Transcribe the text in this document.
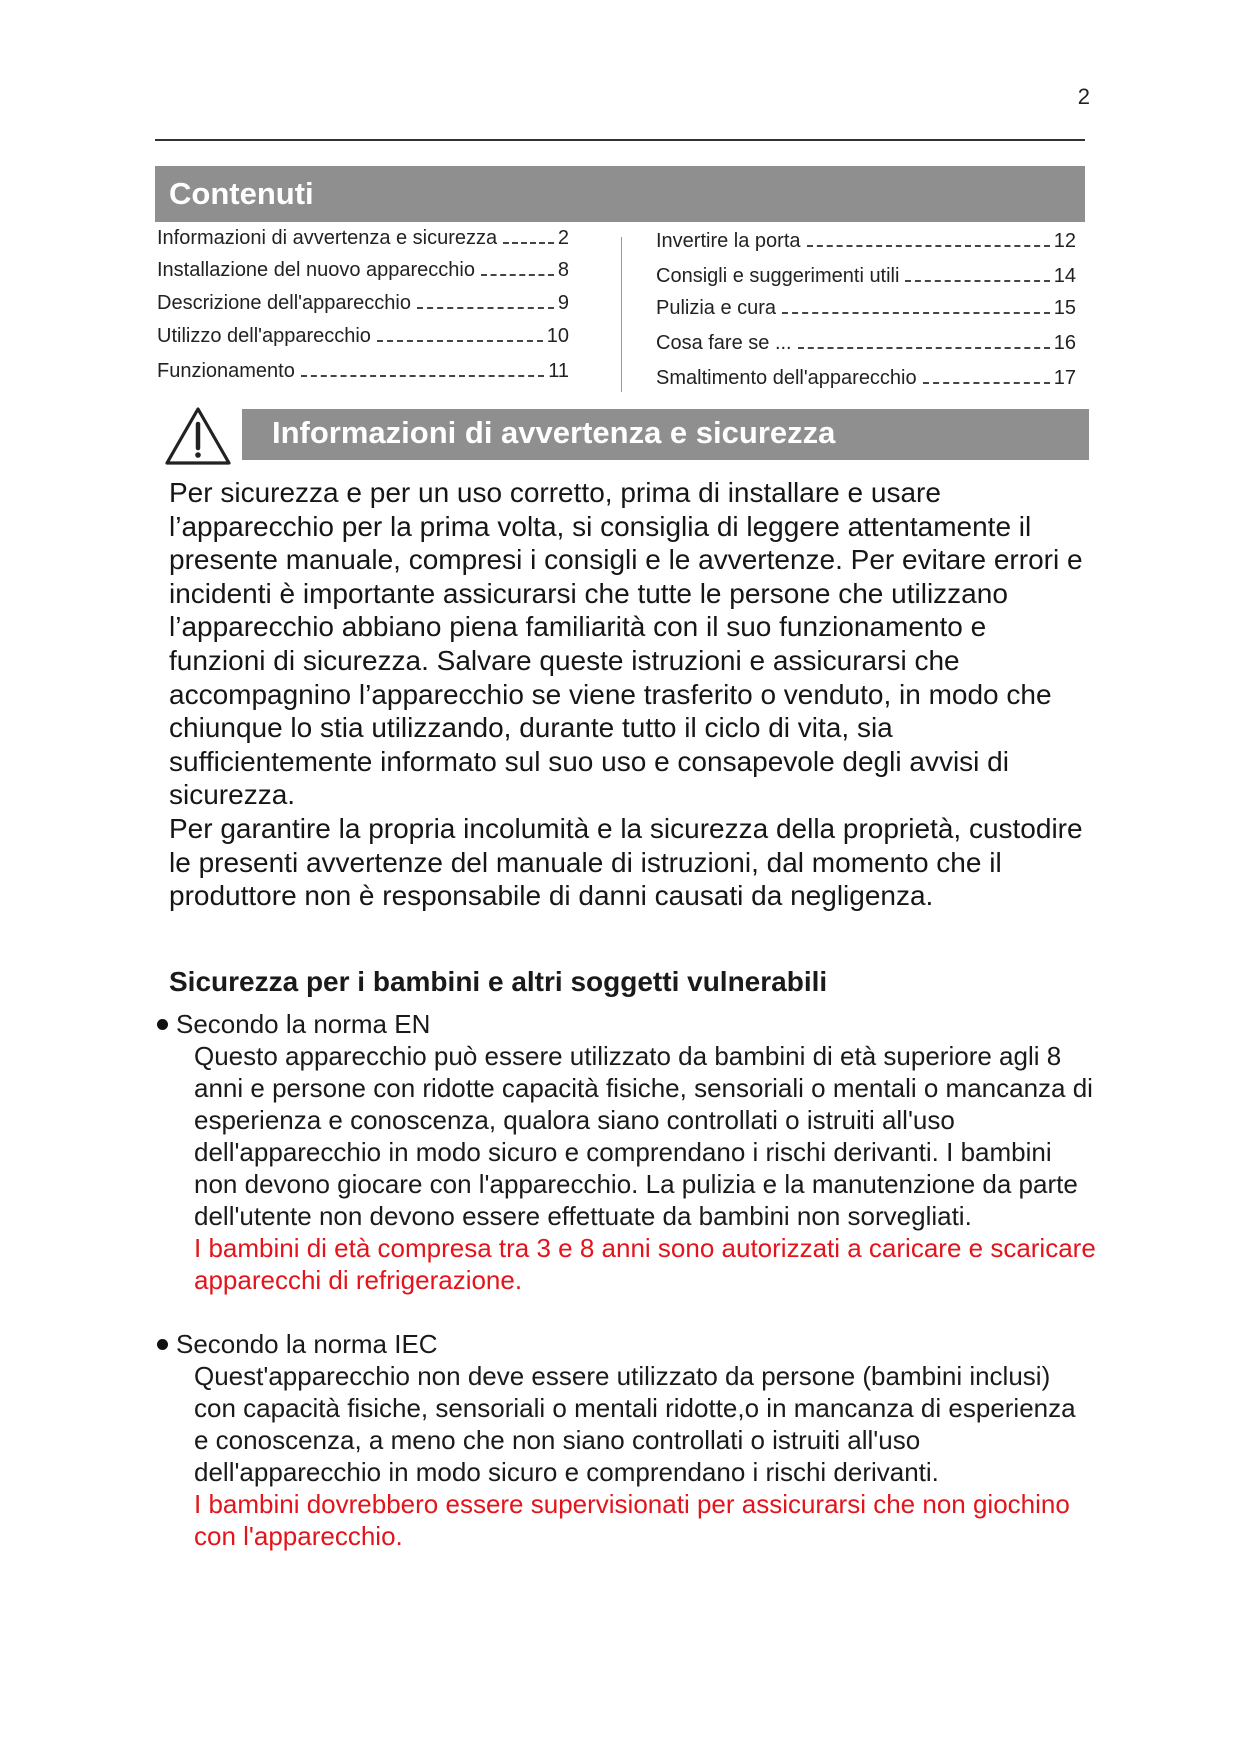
2
Contenuti
Informazioni di avvertenza e sicurezza	2
Installazione del nuovo apparecchio	8
Descrizione dell'apparecchio	9
Utilizzo dell'apparecchio	10
Funzionamento	11
Invertire la porta	12
Consigli e suggerimenti utili	14
Pulizia e cura	15
Cosa fare se ...	16
Smaltimento dell'apparecchio	17
Informazioni di avvertenza e sicurezza

Per sicurezza e per un uso corretto, prima di installare e usare l’apparecchio per la prima volta, si consiglia di leggere attentamente il presente manuale, compresi i consigli e le avvertenze. Per evitare errori e incidenti è importante assicurarsi che tutte le persone che utilizzano l’apparecchio abbiano piena familiarità con il suo funzionamento e funzioni di sicurezza. Salvare queste istruzioni e assicurarsi che accompagnino l’apparecchio se viene trasferito o venduto, in modo che chiunque lo stia utilizzando, durante tutto il ciclo di vita, sia sufficientemente informato sul suo uso e consapevole degli avvisi di sicurezza.

Per garantire la propria incolumità e la sicurezza della proprietà, custodire le presenti avvertenze del manuale di istruzioni, dal momento che il produttore non è responsabile di danni causati da negligenza.

Sicurezza per i bambini e altri soggetti vulnerabili
Secondo la norma EN
Questo apparecchio può essere utilizzato da bambini di età superiore agli 8 anni e persone con ridotte capacità fisiche, sensoriali o mentali o mancanza di esperienza e conoscenza, qualora siano controllati o istruiti all'uso dell'apparecchio in modo sicuro e comprendano i rischi derivanti. I bambini non devono giocare con l'apparecchio. La pulizia e la manutenzione da parte dell'utente non devono essere effettuate da bambini non sorvegliati.
I bambini di età compresa tra 3 e 8 anni sono autorizzati a caricare e scaricare apparecchi di refrigerazione.
Secondo la norma IEC
Quest'apparecchio non deve essere utilizzato da persone (bambini inclusi) con capacità fisiche, sensoriali o mentali ridotte,o in mancanza di esperienza e conoscenza, a meno che non siano controllati o istruiti all'uso dell'apparecchio in modo sicuro e comprendano i rischi derivanti.
I bambini dovrebbero essere supervisionati per assicurarsi che non giochino con l'apparecchio.
